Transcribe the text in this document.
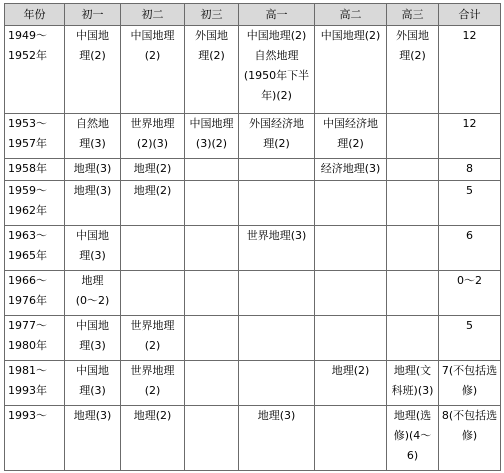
年份	初一	初二	初三	高一	高二	高三	合计

1949～
1952年	中国地
理(2)	中国地理
(2)	外国地
理(2)	中国地理(2)
自然地理
(1950年下半
年)(2)	中国地理(2)	外国地
理(2)	12

1953～
1957年	自然地
理(3)	世界地理
(2)(3)	中国地理
(3)(2)	外国经济地
理(2)	中国经济地
理(2)		12

1958年	地理(3)	地理(2)			经济地理(3)		8

1959～
1962年	地理(3)	地理(2)					5

1963～
1965年	中国地
理(3)			世界地理(3)			6

1966～
1976年	地理
(0～2)						0～2

1977～
1980年	中国地
理(3)	世界地理
(2)					5

1981～
1993年	中国地
理(3)	世界地理
(2)			地理(2)	地理(文
科班)(3)	7(不包括选
修)

1993～	地理(3)	地理(2)		地理(3)		地理(选
修)(4～
6)	8(不包括选
修)
